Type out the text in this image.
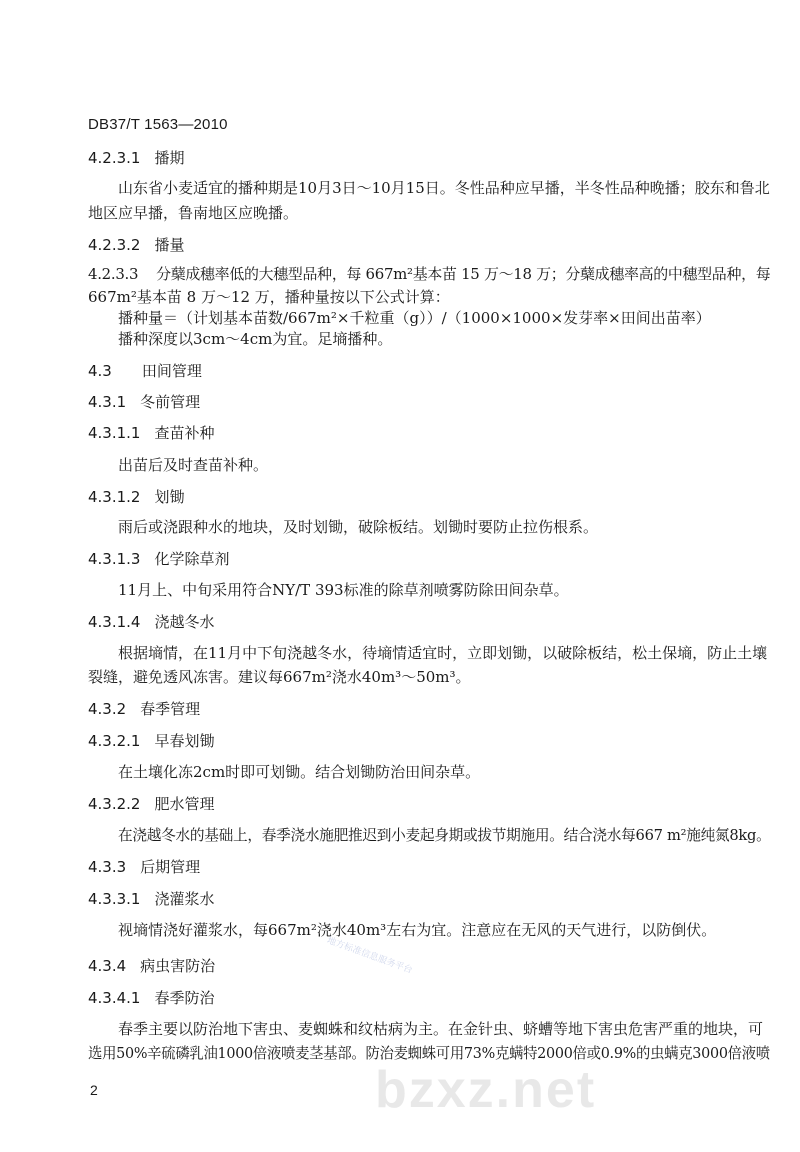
DB37/T 1563—2010
4.2.3.1 播期
山东省小麦适宜的播种期是10月3日～10月15日。冬性品种应早播，半冬性品种晚播；胶东和鲁北
地区应早播，鲁南地区应晚播。
4.2.3.2 播量
4.2.3.3 分蘖成穗率低的大穗型品种，每 667m²基本苗 15 万～18 万；分蘖成穗率高的中穗型品种，每
667m²基本苗 8 万～12 万，播种量按以下公式计算：
播种量＝（计划基本苗数/667m²×千粒重（g））/（1000×1000×发芽率×田间出苗率）
播种深度以3cm～4cm为宜。足墒播种。
4.3 田间管理
4.3.1 冬前管理
4.3.1.1 查苗补种
出苗后及时查苗补种。
4.3.1.2 划锄
雨后或浇跟种水的地块，及时划锄，破除板结。划锄时要防止拉伤根系。
4.3.1.3 化学除草剂
11月上、中旬采用符合NY/T 393标准的除草剂喷雾防除田间杂草。
4.3.1.4 浇越冬水
根据墒情，在11月中下旬浇越冬水，待墒情适宜时，立即划锄，以破除板结，松土保墒，防止土壤
裂缝，避免透风冻害。建议每667m²浇水40m³～50m³。
4.3.2 春季管理
4.3.2.1 早春划锄
在土壤化冻2cm时即可划锄。结合划锄防治田间杂草。
4.3.2.2 肥水管理
在浇越冬水的基础上，春季浇水施肥推迟到小麦起身期或拔节期施用。结合浇水每667 m²施纯氮8kg。
4.3.3 后期管理
4.3.3.1 浇灌浆水
视墒情浇好灌浆水，每667m²浇水40m³左右为宜。注意应在无风的天气进行，以防倒伏。
4.3.4 病虫害防治
4.3.4.1 春季防治
春季主要以防治地下害虫、麦蜘蛛和纹枯病为主。在金针虫、蛴螬等地下害虫危害严重的地块，可
选用50%辛硫磷乳油1000倍液喷麦茎基部。防治麦蜘蛛可用73%克螨特2000倍或0.9%的虫螨克3000倍液喷
地方标准信息服务平台
bzxz.net
2
